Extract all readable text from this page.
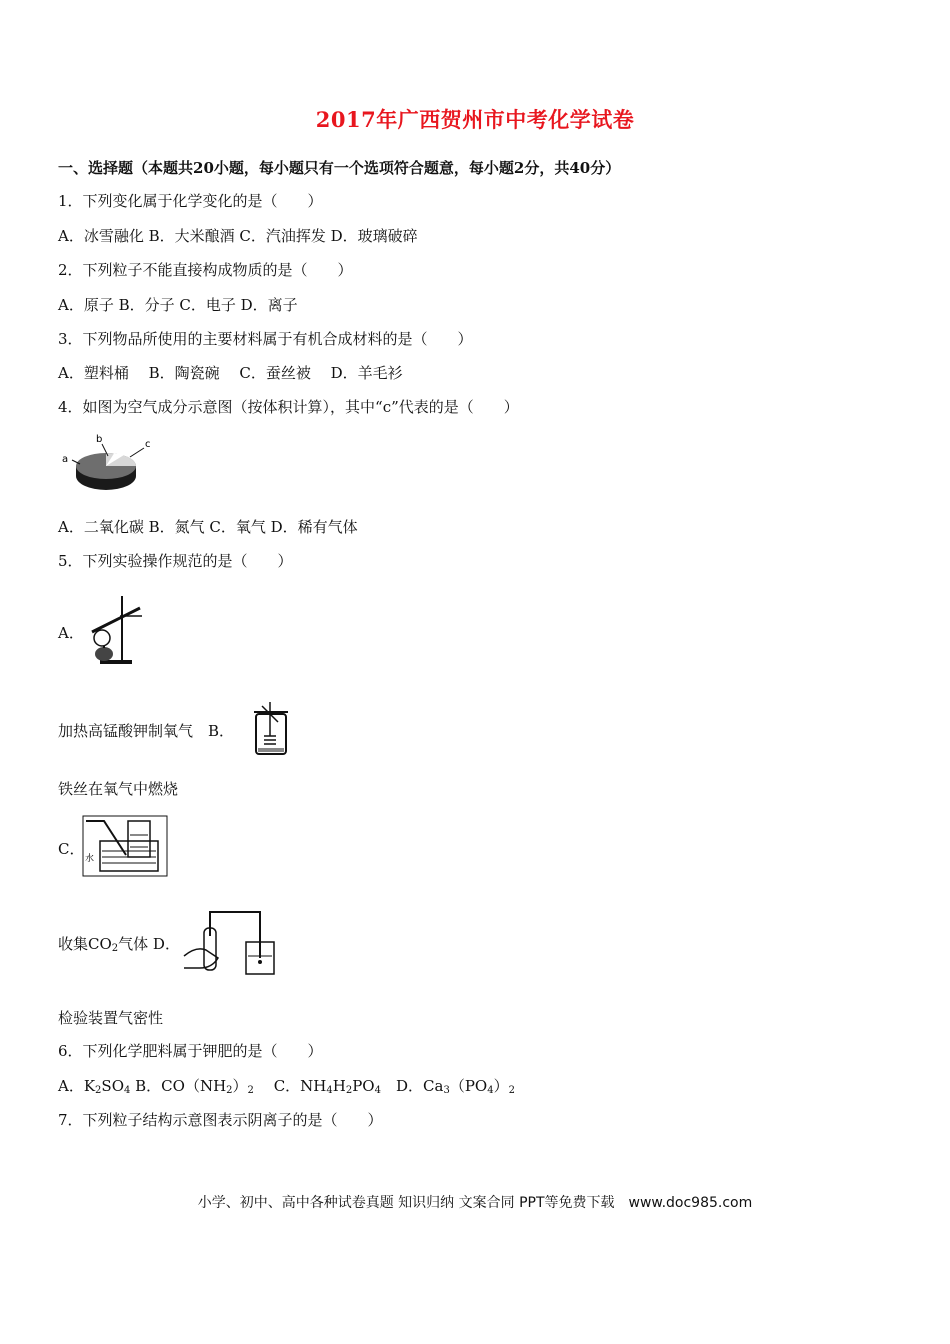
2017年广西贺州市中考化学试卷
一、选择题（本题共20小题，每小题只有一个选项符合题意，每小题2分，共40分）
1．下列变化属于化学变化的是（　　）
A．冰雪融化 B．大米酿酒 C．汽油挥发 D．玻璃破碎
2．下列粒子不能直接构成物质的是（　　）
A．原子 B．分子 C．电子 D．离子
3．下列物品所使用的主要材料属于有机合成材料的是（　　）
A．塑料桶　 B．陶瓷碗　 C．蚕丝被　 D．羊毛衫
4．如图为空气成分示意图（按体积计算），其中“c”代表的是（　　）
a
b	c
A．二氧化碳 B．氮气 C．氧气 D．稀有气体
5．下列实验操作规范的是（　　）
A．
加热高锰酸钾制氧气　 B．
铁丝在氧气中燃烧
C．
水
收集$CO_2$气体 D．
检验装置气密性
6．下列化学肥料属于钾肥的是（　　）
A．$K_2SO_4$ B．$CO(NH_2)_2$　 C．$NH_4H_2PO_4$　D．$Ca_3(PO_4)_2$
7．下列粒子结构示意图表示阴离子的是（　　）
小学、初中、高中各种试卷真题 知识归纳 文案合同 PPT等免费下载　www.doc985.com
